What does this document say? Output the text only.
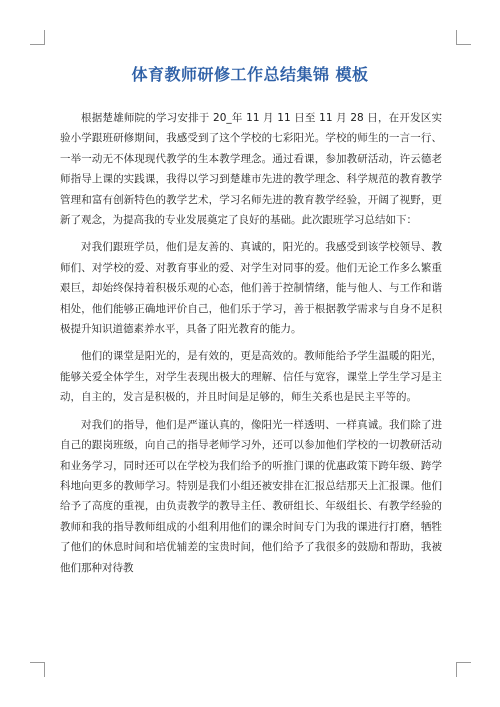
体育教师研修工作总结集锦 模板

根据楚雄师院的学习安排于 20_年 11 月 11 日至 11 月 28 日，在开发区实验小学跟班研修期间，我感受到了这个学校的七彩阳光。学校的师生的一言一行、一举一动无不体现现代教学的生本教学理念。通过看课，参加教研活动，许云德老师指导上课的实践课，我得以学习到楚雄市先进的教学理念、科学规范的教育教学管理和富有创新特色的教学艺术，学习名师先进的教育教学经验，开阔了视野，更新了观念，为提高我的专业发展奠定了良好的基础。此次跟班学习总结如下：

对我们跟班学员，他们是友善的、真诚的，阳光的。我感受到该学校领导、教师们、对学校的爱、对教育事业的爱、对学生对同事的爱。他们无论工作多么繁重艰巨，却始终保持着积极乐观的心态，他们善于控制情绪，能与他人、与工作和谐相处，他们能够正确地评价自己，他们乐于学习，善于根据教学需求与自身不足积极提升知识道德素养水平，具备了阳光教育的能力。

他们的课堂是阳光的，是有效的，更是高效的。教师能给予学生温暖的阳光，能够关爱全体学生，对学生表现出极大的理解、信任与宽容，课堂上学生学习是主动，自主的，发言是积极的，并且时间是足够的，师生关系也是民主平等的。

对我们的指导，他们是严谨认真的，像阳光一样透明、一样真诚。我们除了进自己的跟岗班级，向自己的指导老师学习外，还可以参加他们学校的一切教研活动和业务学习，同时还可以在学校为我们给予的听推门课的优惠政策下跨年级、跨学科地向更多的教师学习。特别是我们小组还被安排在汇报总结那天上汇报课。他们给予了高度的重视，由负责教学的教导主任、教研组长、年级组长、有教学经验的教师和我的指导教师组成的小组利用他们的课余时间专门为我的课进行打磨，牺牲了他们的休息时间和培优辅差的宝贵时间，他们给予了我很多的鼓励和帮助，我被他们那种对待教
